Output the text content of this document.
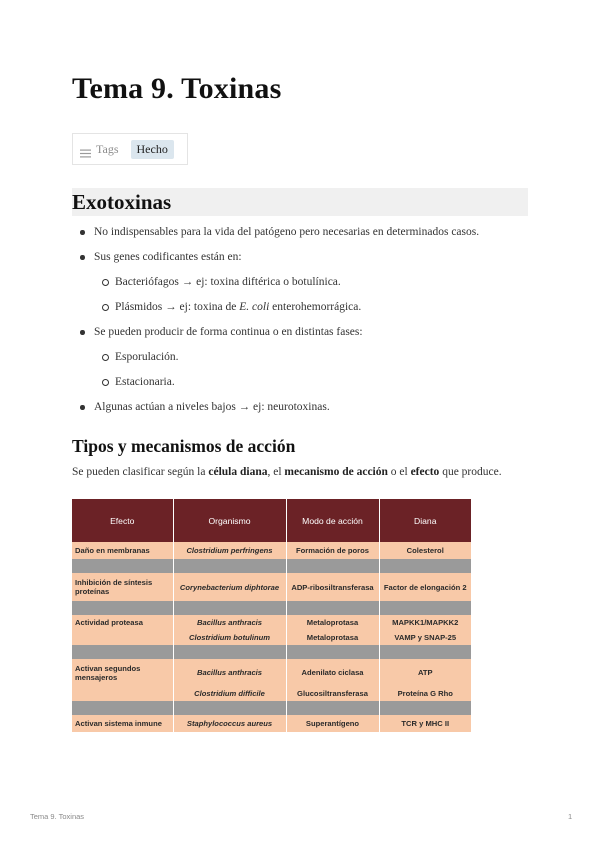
Tema 9. Toxinas
Tags	Hecho
Exotoxinas
No indispensables para la vida del patógeno pero necesarias en determinados casos.
Sus genes codificantes están en:
Bacteriófagos → ej: toxina diftérica o botulínica.
Plásmidos → ej: toxina de E. coli enterohemorrágica.
Se pueden producir de forma continua o en distintas fases:
Esporulación.
Estacionaria.
Algunas actúan a niveles bajos → ej: neurotoxinas.
Tipos y mecanismos de acción

Se pueden clasificar según la célula diana, el mecanismo de acción o el efecto que produce.

Efecto	Organismo	Modo de acción	Diana
Daño en membranas	Clostridium perfringens	Formación de poros	Colesterol

Inhibición de síntesis proteínas	Corynebacterium diphtorae	ADP-ribosiltransferasa	Factor de elongación 2

Actividad proteasa	Bacillus anthracis	Metaloprotasa	MAPKK1/MAPKK2
	Clostridium botulinum	Metaloprotasa	VAMP y SNAP-25

Activan segundos mensajeros	Bacillus anthracis	Adenilato ciclasa	ATP
	Clostridium difficile	Glucosiltransferasa	Proteína G Rho

Activan sistema inmune	Staphylococcus aureus	Superantígeno	TCR y MHC II
Tema 9. Toxinas	1
